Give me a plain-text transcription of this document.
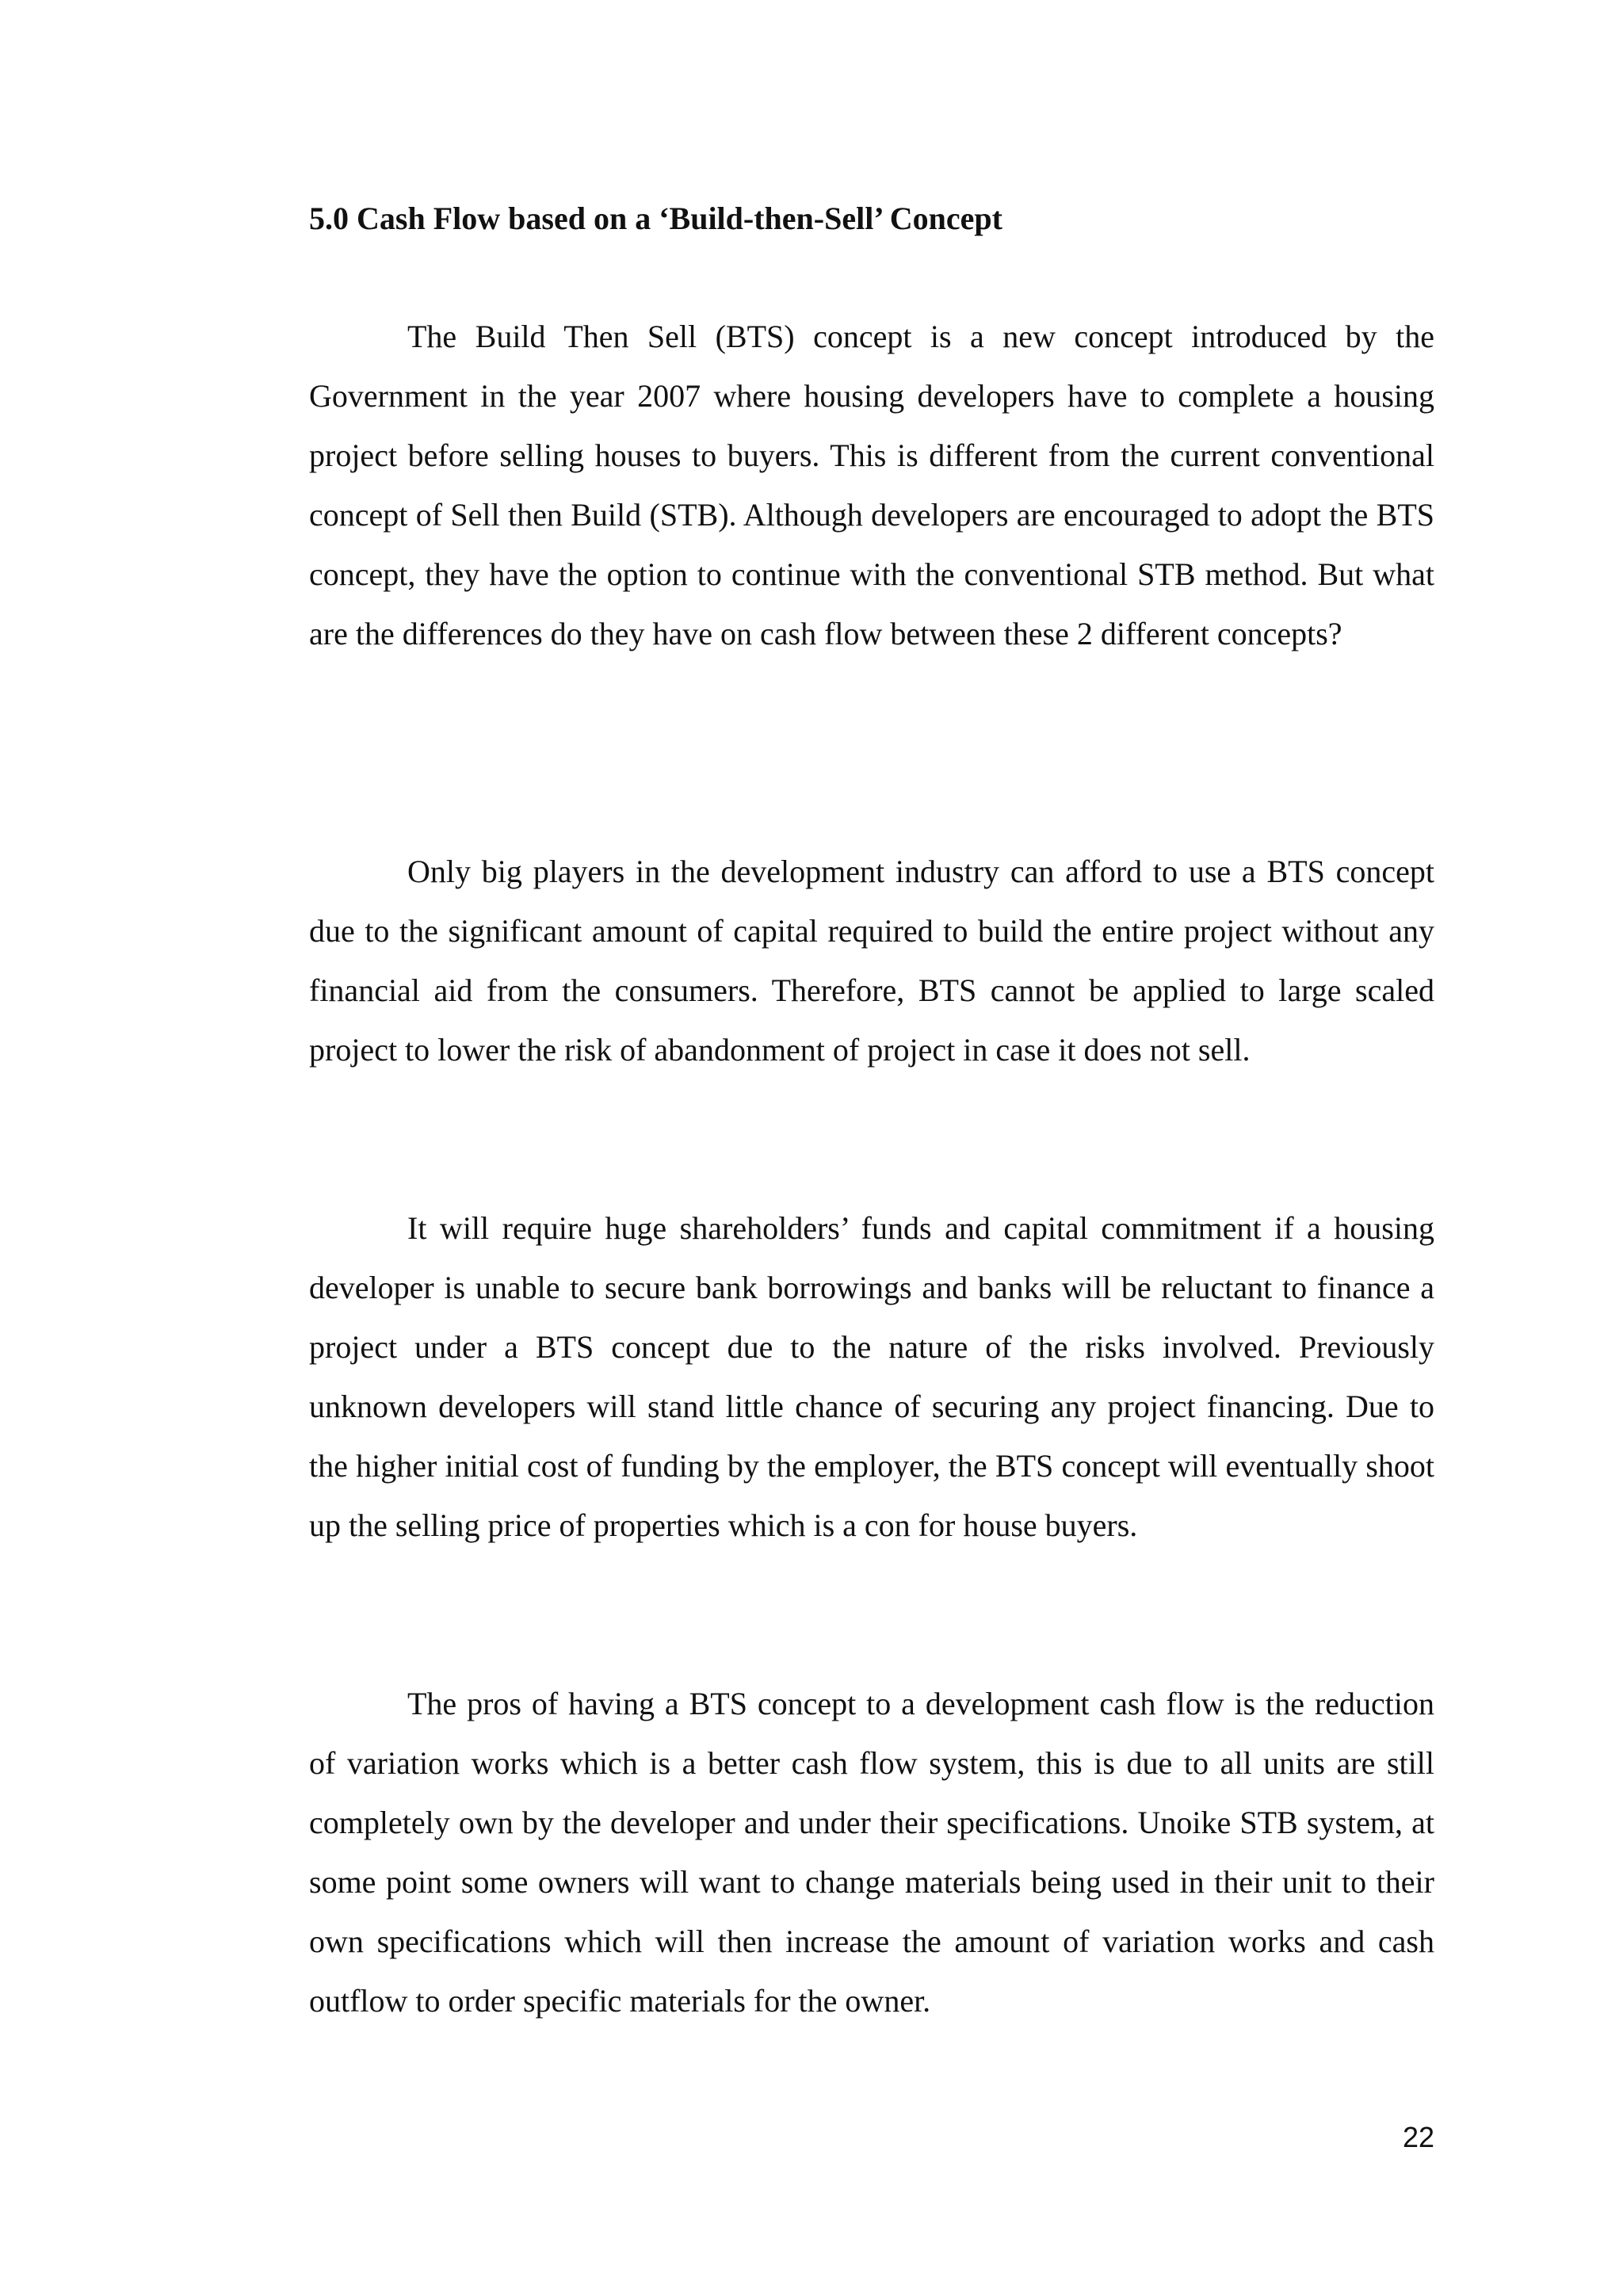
5.0 Cash Flow based on a ‘Build-then-Sell’ Concept

The Build Then Sell (BTS) concept is a new concept introduced by the Government in the year 2007 where housing developers have to complete a housing project before selling houses to buyers. This is different from the current conventional concept of Sell then Build (STB). Although developers are encouraged to adopt the BTS concept, they have the option to continue with the conventional STB method. But what are the differences do they have on cash flow between these 2 different concepts?

Only big players in the development industry can afford to use a BTS concept due to the significant amount of capital required to build the entire project without any financial aid from the consumers. Therefore, BTS cannot be applied to large scaled project to lower the risk of abandonment of project in case it does not sell.

It will require huge shareholders’ funds and capital commitment if a housing developer is unable to secure bank borrowings and banks will be reluctant to finance a project under a BTS concept due to the nature of the risks involved. Previously unknown developers will stand little chance of securing any project financing. Due to the higher initial cost of funding by the employer, the BTS concept will eventually shoot up the selling price of properties which is a con for house buyers.

The pros of having a BTS concept to a development cash flow is the reduction of variation works which is a better cash flow system, this is due to all units are still completely own by the developer and under their specifications. Unoike STB system, at some point some owners will want to change materials being used in their unit to their own specifications which will then increase the amount of variation works and cash outflow to order specific materials for the owner.

22
